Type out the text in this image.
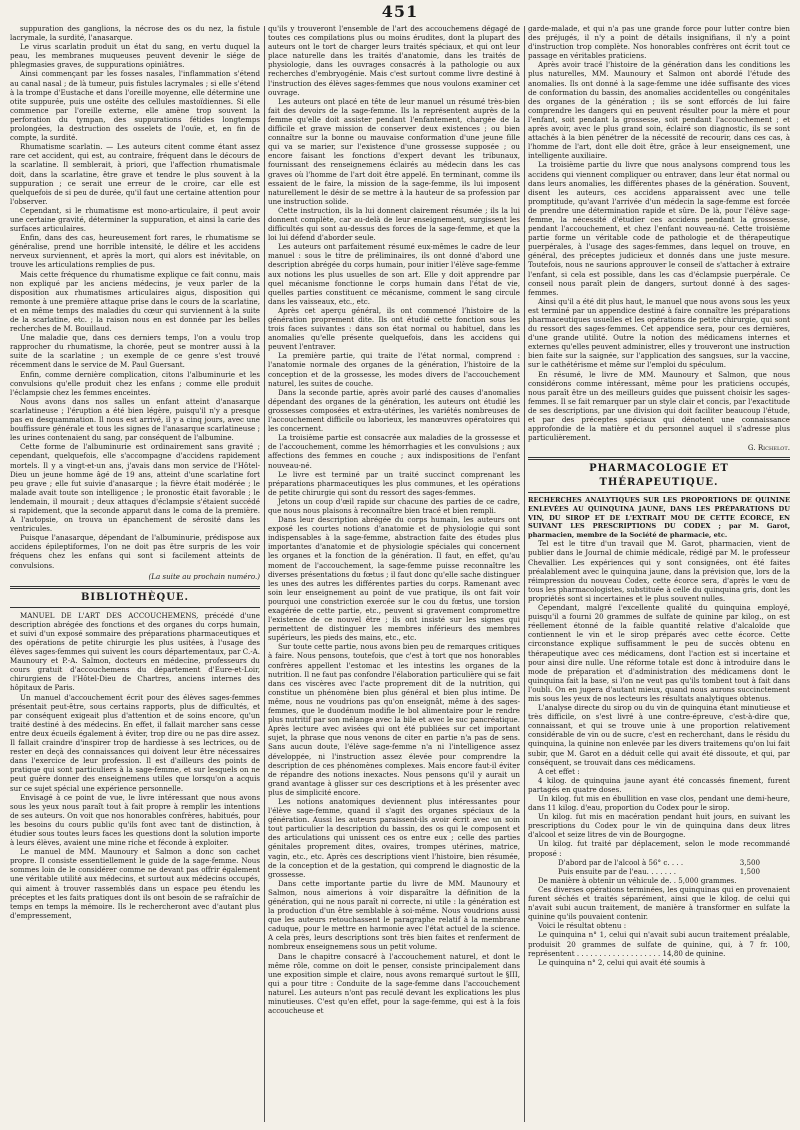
451

suppuration des ganglions, la nécrose des os du nez, la fistule lacrymale, la surdité, l'anasarque.

Le virus scarlatin produit un état du sang, en vertu duquel la peau, les membranes muqueuses peuvent devenir le siége de phlegmasies graves, de suppurations opiniâtres.

Ainsi commençant par les fosses nasales, l'inflammation s'étend au canal nasal ; de là tumeur, puis fistules lacrymales ; si elle s'étend à la trompe d'Eustache et dans l'oreille moyenne, elle détermine une otite suppurée, puis une ostéite des cellules mastoïdiennes. Si elle commence par l'oreille externe, elle amène trop souvent la perforation du tympan, des suppurations fétides longtemps prolongées, la destruction des osselets de l'ouïe, et, en fin de compte, la surdité.

Rhumatisme scarlatin. — Les auteurs citent comme étant assez rare cet accident, qui est, au contraire, fréquent dans le décours de la scarlatine. Il semblerait, à priori, que l'affection rhumatismale doit, dans la scarlatine, être grave et tendre le plus souvent à la suppuration ; ce serait une erreur de le croire, car elle est quelquefois de si peu de durée, qu'il faut une certaine attention pour l'observer.

Cependant, si le rhumatisme est mono-articulaire, il peut avoir une certaine gravité, déterminer la suppuration, et ainsi la carie des surfaces articulaires.

Enfin, dans des cas, heureusement fort rares, le rhumatisme se généralise, prend une horrible intensité, le délire et les accidens nerveux surviennent, et après la mort, qui alors est inévitable, on trouve les articulations remplies de pus.

Mais cette fréquence du rhumatisme explique ce fait connu, mais non expliqué par les anciens médecins, je veux parler de la disposition aux rhumatismes articulaires aigus, disposition qui remonte à une première attaque prise dans le cours de la scarlatine, et en même temps des maladies du cœur qui surviennent à la suite de la scarlatine, etc. ; la raison nous en est donnée par les belles recherches de M. Bouillaud.

Une maladie que, dans ces derniers temps, l'on a voulu trop rapprocher du rhumatisme, la chorée, peut se montrer aussi à la suite de la scarlatine ; un exemple de ce genre s'est trouvé récemment dans le service de M. Paul Guersant.

Enfin, comme dernière complication, citons l'albuminurie et les convulsions qu'elle produit chez les enfans ; comme elle produit l'éclampsie chez les femmes enceintes.

Nous avons dans nos salles un enfant atteint d'anasarque scarlatineuse ; l'éruption a été bien légère, puisqu'il n'y a presque pas eu desquammation. Il nous est arrivé, il y a cinq jours, avec une bouffissure générale et tous les signes de l'anasarque scarlatineuse ; les urines contenaient du sang, par conséquent de l'albumine.

Cette forme de l'albuminurie est ordinairement sans gravité ; cependant, quelquefois, elle s'accompagne d'accidens rapidement mortels. Il y a vingt-et-un ans, j'avais dans mon service de l'Hôtel-Dieu un jeune homme âgé de 19 ans, atteint d'une scarlatine fort peu grave ; elle fut suivie d'anasarque ; la fièvre était modérée ; le malade avait toute son intelligence ; le pronostic était favorable ; le lendemain, il mourait ; deux attaques d'éclampsie s'étaient succédé si rapidement, que la seconde apparut dans le coma de la première. A l'autopsie, on trouva un épanchement de sérosité dans les ventricules.

Puisque l'anasarque, dépendant de l'albuminurie, prédispose aux accidens épileptiformes, l'on ne doit pas être surpris de les voir fréquens chez les enfans qui sont si facilement atteints de convulsions.

(La suite au prochain numéro.)
BIBLIOTHÈQUE.

MANUEL DE L'ART DES ACCOUCHEMENS, précédé d'une description abrégée des fonctions et des organes du corps humain, et suivi d'un exposé sommaire des préparations pharmaceutiques et des opérations de petite chirurgie les plus usitées, à l'usage des élèves sages-femmes qui suivent les cours départementaux, par C.-A. Maunoury et P.-A. Salmon, docteurs en médecine, professeurs du cours gratuit d'accouchemens du département d'Eure-et-Loir, chirurgiens de l'Hôtel-Dieu de Chartres, anciens internes des hôpitaux de Paris.

Un manuel d'accouchement écrit pour des élèves sages-femmes présentait peut-être, sous certains rapports, plus de difficultés, et par conséquent exigeait plus d'attention et de soins encore, qu'un traité destiné à des médecins. En effet, il fallait marcher sans cesse entre deux écueils également à éviter, trop dire ou ne pas dire assez. Il fallait craindre d'inspirer trop de hardiesse à ses lectrices, ou de rester en deçà des connaissances qui doivent leur être nécessaires dans l'exercice de leur profession. Il est d'ailleurs des points de pratique qui sont particuliers à la sage-femme, et sur lesquels on ne peut guère donner des enseignemens utiles que lorsqu'on a acquis sur ce sujet spécial une expérience personnelle.

Envisagé à ce point de vue, le livre intéressant que nous avons sous les yeux nous paraît tout à fait propre à remplir les intentions de ses auteurs. On voit que nos honorables confrères, habitués, pour les besoins du cours public qu'ils font avec tant de distinction, à étudier sous toutes leurs faces les questions dont la solution importe à leurs élèves, avaient une mine riche et féconde à exploiter.

Le manuel de MM. Maunoury et Salmon a donc son cachet propre. Il consiste essentiellement le guide de la sage-femme. Nous sommes loin de le considérer comme ne devant pas offrir également une véritable utilité aux médecins, et surtout aux médecins occupés, qui aiment à trouver rassemblés dans un espace peu étendu les préceptes et les faits pratiques dont ils ont besoin de se rafraîchir de temps en temps la mémoire. Ils le rechercheront avec d'autant plus d'empressement,

qu'ils y trouveront l'ensemble de l'art des accouchemens dégagé de toutes ces compilations plus ou moins érudites, dont la plupart des auteurs ont le tort de charger leurs traités spéciaux, et qui ont leur place naturelle dans les traités d'anatomie, dans les traités de physiologie, dans les ouvrages consacrés à la pathologie ou aux recherches d'embryogénie. Mais c'est surtout comme livre destiné à l'instruction des élèves sages-femmes que nous voulons examiner cet ouvrage.

Les auteurs ont placé en tête de leur manuel un résumé très-bien fait des devoirs de la sage-femme. Ils la représentent auprès de la femme qu'elle doit assister pendant l'enfantement, chargée de la difficile et grave mission de conserver deux existences ; ou bien connaître sur la bonne ou mauvaise conformation d'une jeune fille qui va se marier, sur l'existence d'une grossesse supposée ; ou encore faisant les fonctions d'expert devant les tribunaux, fournissant des renseignemens éclairés au médecin dans les cas graves où l'homme de l'art doit être appelé. En terminant, comme ils essaient de le faire, la mission de la sage-femme, ils lui imposent naturellement le désir de se mettre à la hauteur de sa profession par une instruction solide.

Cette instruction, ils la lui donnent clairement résumée ; ils la lui donnent complète, car au-delà de leur enseignement, surgissent les difficultés qui sont au-dessus des forces de la sage-femme, et que la loi lui défend d'aborder seule.

Les auteurs ont parfaitement résumé eux-mêmes le cadre de leur manuel : sous le titre de préliminaires, ils ont donné d'abord une description abrégée du corps humain, pour initier l'élève sage-femme aux notions les plus usuelles de son art. Elle y doit apprendre par quel mécanisme fonctionne le corps humain dans l'état de vie, quelles parties constituent ce mécanisme, comment le sang circule dans les vaisseaux, etc., etc.

Après cet aperçu général, ils ont commencé l'histoire de la génération proprement dite. Ils ont étudié cette fonction sous les trois faces suivantes : dans son état normal ou habituel, dans les anomalies qu'elle présente quelquefois, dans les accidens qui peuvent l'entraver.

La première partie, qui traite de l'état normal, comprend : l'anatomie normale des organes de la génération, l'histoire de la conception et de la grossesse, les modes divers de l'accouchement naturel, les suites de couche.

Dans la seconde partie, après avoir parlé des causes d'anomalies dépendant des organes de la génération, les auteurs ont étudié les grossesses composées et extra-utérines, les variétés nombreuses de l'accouchement difficile ou laborieux, les manœuvres opératoires qui les concernent.

La troisième partie est consacrée aux maladies de la grossesse et de l'accouchement, comme les hémorrhagies et les convulsions ; aux affections des femmes en couche ; aux indispositions de l'enfant nouveau-né.

Le livre est terminé par un traité succinct comprenant les préparations pharmaceutiques les plus communes, et les opérations de petite chirurgie qui sont du ressort des sages-femmes.

Jetons un coup d'œil rapide sur chacune des parties de ce cadre, que nous nous plaisons à reconnaître bien tracé et bien rempli.

Dans leur description abrégée du corps humain, les auteurs ont exposé les courtes notions d'anatomie et de physiologie qui sont indispensables à la sage-femme, abstraction faite des études plus importantes d'anatomie et de physiologie spéciales qui concernent les organes et la fonction de la génération. Il faut, en effet, qu'au moment de l'accouchement, la sage-femme puisse reconnaître les diverses présentations du fœtus ; il faut donc qu'elle sache distinguer les unes des autres les différentes parties du corps. Ramenant avec soin leur enseignement au point de vue pratique, ils ont fait voir pourquoi une constriction exercée sur le cou du fœtus, une torsion exagérée de cette partie, etc., peuvent si gravement compromettre l'existence de ce nouvel être ; ils ont insisté sur les signes qui permettent de distinguer les membres inférieurs des membres supérieurs, les pieds des mains, etc., etc.

Sur toute cette partie, nous avons bien peu de remarques critiques à faire. Nous pensons, toutefois, que c'est à tort que nos honorables confrères appellent l'estomac et les intestins les organes de la nutrition. Il ne faut pas confondre l'élaboration particulière qui se fait dans ces viscères avec l'acte proprement dit de la nutrition, qui constitue un phénomène bien plus général et bien plus intime. De même, nous ne voudrions pas qu'on enseignât, même à des sages-femmes, que le duodénum modifie le bol alimentaire pour le rendre plus nutritif par son mélange avec la bile et avec le suc pancréatique. Après lecture avec avisées qui ont été publiées sur cet important sujet, la phrase que nous venons de citer en partie n'a pas de sens. Sans aucun doute, l'élève sage-femme n'a ni l'intelligence assez développée, ni l'instruction assez élevée pour comprendre la description de ces phénomènes complexes. Mais encore faut-il éviter de répandre des notions inexactes. Nous pensons qu'il y aurait un grand avantage à glisser sur ces descriptions et à les présenter avec plus de simplicité encore.

Les notions anatomiques deviennent plus intéressantes pour l'élève sage-femme, quand il s'agit des organes spéciaux de la génération. Aussi les auteurs paraissent-ils avoir écrit avec un soin tout particulier la description du bassin, des os qui le composent et des articulations qui unissent ces os entre eux ; celle des parties génitales proprement dites, ovaires, trompes utérines, matrice, vagin, etc., etc. Après ces descriptions vient l'histoire, bien résumée, de la conception et de la gestation, qui comprend le diagnostic de la grossesse.

Dans cette importante partie du livre de MM. Maunoury et Salmon, nous aimerions à voir disparaître la définition de la génération, qui ne nous paraît ni correcte, ni utile : la génération est la production d'un être semblable à soi-même. Nous voudrions aussi que les auteurs retouchassent le paragraphe relatif à la membrane caduque, pour le mettre en harmonie avec l'état actuel de la science. A cela près, leurs descriptions sont très bien faites et renferment de nombreux enseignemens sous un petit volume.

Dans le chapitre consacré à l'accouchement naturel, et dont le même rôle, comme on doit le penser, consiste principalement dans une exposition simple et claire, nous avons remarqué surtout le §III, qui a pour titre : Conduite de la sage-femme dans l'accouchement naturel. Les auteurs n'ont pas reculé devant les explications les plus minutieuses. C'est qu'en effet, pour la sage-femme, qui est à la fois accoucheuse et

garde-malade, et qui n'a pas une grande force pour lutter contre bien des préjugés, il n'y a point de détails insignifians, il n'y a point d'instruction trop complète. Nos honorables confrères ont écrit tout ce passage en véritables praticiens.

Après avoir tracé l'histoire de la génération dans les conditions les plus naturelles, MM. Maunoury et Salmon ont abordé l'étude des anomalies. Ils ont donné à la sage-femme une idée suffisante des vices de conformation du bassin, des anomalies accidentelles ou congénitales des organes de la génération ; ils se sont efforcés de lui faire comprendre les dangers qui en peuvent résulter pour la mère et pour l'enfant, soit pendant la grossesse, soit pendant l'accouchement ; et après avoir, avec le plus grand soin, éclairé son diagnostic, ils se sont attachés à la bien pénétrer de la nécessité de recourir, dans ces cas, à l'homme de l'art, dont elle doit être, grâce à leur enseignement, une intelligente auxiliaire.

La troisième partie du livre que nous analysons comprend tous les accidens qui viennent compliquer ou entraver, dans leur état normal ou dans leurs anomalies, les différentes phases de la génération. Souvent, disent les auteurs, ces accidens apparaissent avec une telle promptitude, qu'avant l'arrivée d'un médecin la sage-femme est forcée de prendre une détermination rapide et sûre. De là, pour l'élève sage-femme, la nécessité d'étudier ces accidens pendant la grossesse, pendant l'accouchement, et chez l'enfant nouveau-né. Cette troisième partie forme un véritable code de pathologie et de thérapeutique puerpérales, à l'usage des sages-femmes, dans lequel on trouve, en général, des préceptes judicieux et donnés dans une juste mesure. Toutefois, nous ne saurions approuver le conseil de s'attacher à extraire l'enfant, si cela est possible, dans les cas d'éclampsie puerpérale. Ce conseil nous paraît plein de dangers, surtout donné à des sages-femmes.

Ainsi qu'il a été dit plus haut, le manuel que nous avons sous les yeux est terminé par un appendice destiné à faire connaître les préparations pharmaceutiques usuelles et les opérations de petite chirurgie, qui sont du ressort des sages-femmes. Cet appendice sera, pour ces dernières, d'une grande utilité. Outre la notion des médicamens internes et externes qu'elles peuvent administrer, elles y trouveront une instruction bien faite sur la saignée, sur l'application des sangsues, sur la vaccine, sur le cathétérisme et même sur l'emploi du spéculum.

En résumé, le livre de MM. Maunoury et Salmon, que nous considérons comme intéressant, même pour les praticiens occupés, nous paraît être un des meilleurs guides que puissent choisir les sages-femmes. Il se fait remarquer par un style clair et concis, par l'exactitude de ses descriptions, par une division qui doit faciliter beaucoup l'étude, et par des préceptes spéciaux qui dénotent une connaissance approfondie de la matière et du personnel auquel il s'adresse plus particulièrement.

G. Richelot.
PHARMACOLOGIE ET THÉRAPEUTIQUE.

RECHERCHES ANALYTIQUES SUR LES PROPORTIONS DE QUININE ENLEVÉES AU QUINQUINA JAUNE, DANS LES PRÉPARATIONS DU VIN, DU SIROP ET DE L'EXTRAIT MOU DE CETTE ÉCORCE, EN SUIVANT LES PRESCRIPTIONS DU CODEX ; par M. Garot, pharmacien, membre de la Société de pharmacie, etc.

Tel est le titre d'un travail que M. Garot, pharmacien, vient de publier dans le Journal de chimie médicale, rédigé par M. le professeur Chevallier. Les expériences qui y sont consignées, ont été faites préalablement avec le quinquina jaune, dans la prévision que, lors de la réimpression du nouveau Codex, cette écorce sera, d'après le vœu de tous les pharmacologistes, substituée à celle du quinquina gris, dont les propriétés sont si incertaines et le plus souvent nulles.

Cependant, malgré l'excellente qualité du quinquina employé, puisqu'il a fourni 20 grammes de sulfate de quinine par kilog., on est réellement étonné de la faible quantité relative d'alcaloïde que contiennent le vin et le sirop préparés avec cette écorce. Cette circonstance explique suffisamment le peu de succès obtenu en thérapeutique avec ces médicamens, dont l'action est si incertaine et pour ainsi dire nulle. Une réforme totale est donc à introduire dans le mode de préparation et d'administration des médicamens dont le quinquina fait la base, si l'on ne veut pas qu'ils tombent tout à fait dans l'oubli. On en jugera d'autant mieux, quand nous aurons succinctement mis sous les yeux de nos lecteurs les résultats analytiques obtenus.

L'analyse directe du sirop ou du vin de quinquina étant minutieuse et très difficile, on s'est livré à une contre-épreuve, c'est-à-dire que, connaissant, et qui se trouve unie à une proportion relativement considérable de vin ou de sucre, c'est en recherchant, dans le résidu du quinquina, la quinine non enlevée par les divers traitemens qu'on lui fait subir, que M. Garot en a déduit celle qui avait été dissoute, et qui, par conséquent, se trouvait dans ces médicamens.

A cet effet :

4 kilog. de quinquina jaune ayant été concassés finement, furent partagés en quatre doses.

Un kilog. fut mis en ébullition en vase clos, pendant une demi-heure, dans 11 kilog. d'eau, proportion du Codex pour le sirop.

Un kilog. fut mis en macération pendant huit jours, en suivant les prescriptions du Codex pour le vin de quinquina dans deux litres d'alcool et seize litres de vin de Bourgogne.

Un kilog. fut traité par déplacement, selon le mode recommandé proposé :

D'abord par de l'alcool à 56° c. . . .	3,500
Puis ensuite par de l'eau. . . . . . .	1,500

De manière à obtenir un véhicule de. . 5,000 grammes.

Ces diverses opérations terminées, les quinquinas qui en provenaient furent séchés et traités séparément, ainsi que le kilog. de celui qui n'avait subi aucun traitement, de manière à transformer en sulfate la quinine qu'ils pouvaient contenir.

Voici le résultat obtenu :

Le quinquina n° 1, celui qui n'avait subi aucun traitement préalable, produisit 20 grammes de sulfate de quinine, qui, à 7 fr. 100, représentent . . . . . . . . . . . . . . . . . . . 14,80 de quinine.

Le quinquina n° 2, celui qui avait été soumis à
